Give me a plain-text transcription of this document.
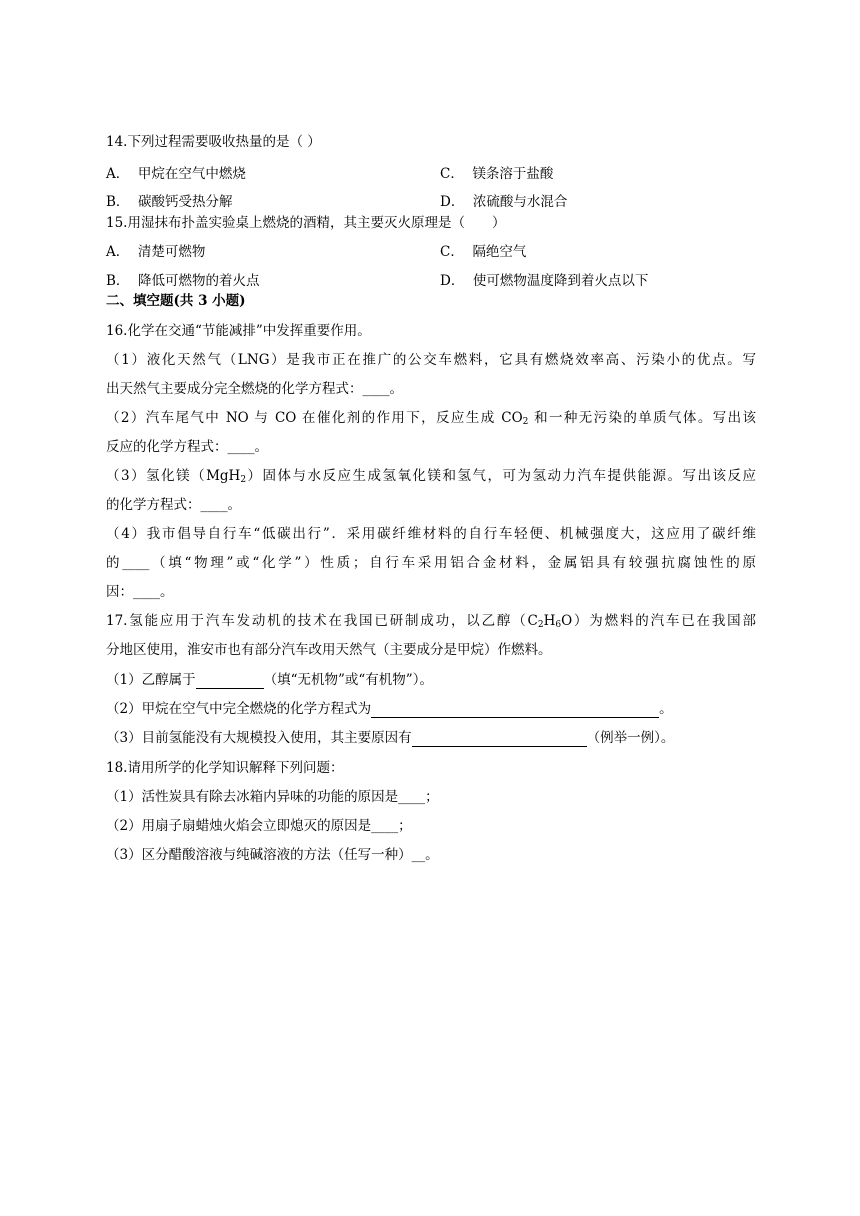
14.下列过程需要吸收热量的是（ ）
A． 甲烷在空气中燃烧	C． 镁条溶于盐酸
B． 碳酸钙受热分解	D． 浓硫酸与水混合
15.用湿抹布扑盖实验桌上燃烧的酒精，其主要灭火原理是（　　）
A． 清楚可燃物	C． 隔绝空气
B． 降低可燃物的着火点	D． 使可燃物温度降到着火点以下
二、填空题(共 3 小题)
16.化学在交通“节能减排”中发挥重要作用。
（1）液化天然气（LNG）是我市正在推广的公交车燃料，它具有燃烧效率高、污染小的优点。写
出天然气主要成分完全燃烧的化学方程式：____。
（2）汽车尾气中 NO 与 CO 在催化剂的作用下，反应生成 $CO_2$ 和一种无污染的单质气体。写出该
反应的化学方程式：____。
（3）氢化镁（MgH$_2$）固体与水反应生成氢氧化镁和氢气，可为氢动力汽车提供能源。写出该反应
的化学方程式：____。
（4）我市倡导自行车“低碳出行”．采用碳纤维材料的自行车轻便、机械强度大，这应用了碳纤维
的____（填“物理”或“化学”）性质；自行车采用铝合金材料，金属铝具有较强抗腐蚀性的原
因：____。
17.氢能应用于汽车发动机的技术在我国已研制成功，以乙醇$(C_2H_6O)$为燃料的汽车已在我国部
分地区使用，淮安市也有部分汽车改用天然气（主要成分是甲烷）作燃料。
（1）乙醇属于	（填“无机物”或“有机物”）。
（2）甲烷在空气中完全燃烧的化学方程式为	。
（3）目前氢能没有大规模投入使用，其主要原因有	（例举一例）。
18.请用所学的化学知识解释下列问题：
（1）活性炭具有除去冰箱内异味的功能的原因是____；
（2）用扇子扇蜡烛火焰会立即熄灭的原因是____；
（3）区分醋酸溶液与纯碱溶液的方法（任写一种）__。
